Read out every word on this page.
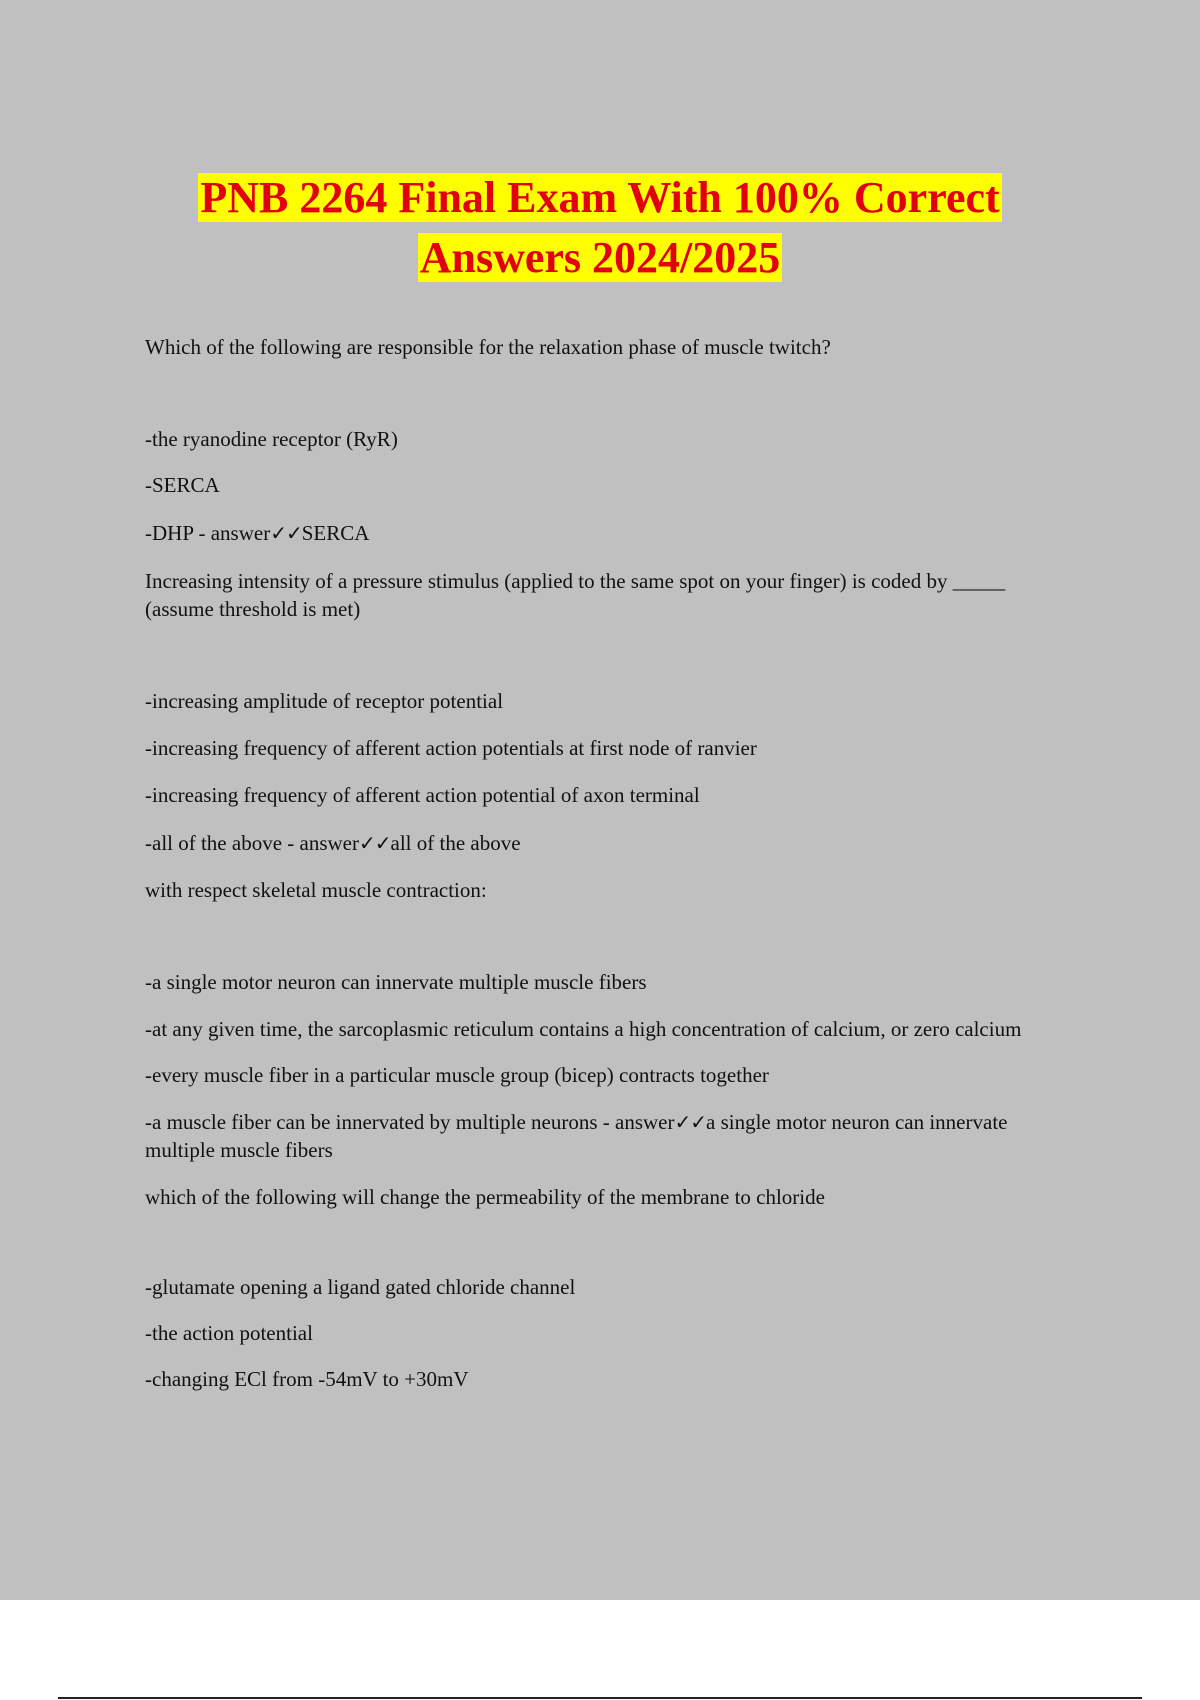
PNB 2264 Final Exam With 100% Correct
Answers 2024/2025

Which of the following are responsible for the relaxation phase of muscle twitch?

-the ryanodine receptor (RyR)

-SERCA

-DHP - answer✓✓SERCA

Increasing intensity of a pressure stimulus (applied to the same spot on your finger) is coded by _____ (assume threshold is met)

-increasing amplitude of receptor potential

-increasing frequency of afferent action potentials at first node of ranvier

-increasing frequency of afferent action potential of axon terminal

-all of the above - answer✓✓all of the above

with respect skeletal muscle contraction:

-a single motor neuron can innervate multiple muscle fibers

-at any given time, the sarcoplasmic reticulum contains a high concentration of calcium, or zero calcium

-every muscle fiber in a particular muscle group (bicep) contracts together

-a muscle fiber can be innervated by multiple neurons - answer✓✓a single motor neuron can innervate multiple muscle fibers

which of the following will change the permeability of the membrane to chloride

-glutamate opening a ligand gated chloride channel

-the action potential

-changing ECl from -54mV to +30mV
